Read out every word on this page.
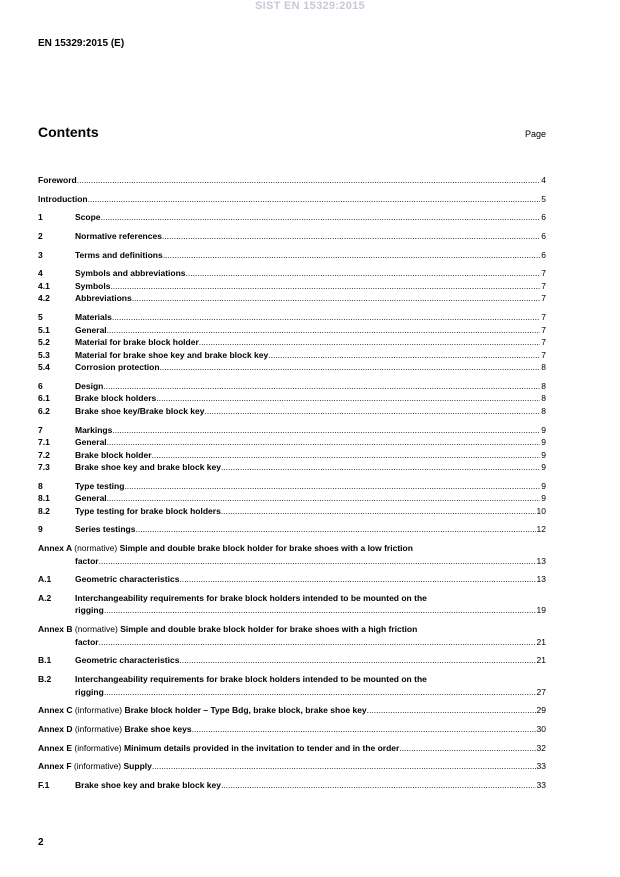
SIST EN 15329:2015
EN 15329:2015 (E)
Contents	Page
Foreword .....	4
Introduction .....	5
1	Scope .....	6
2	Normative references .....	6
3	Terms and definitions .....	6
4	Symbols and abbreviations .....	7
4.1	Symbols .....	7
4.2	Abbreviations .....	7
5	Materials .....	7
5.1	General .....	7
5.2	Material for brake block holder .....	7
5.3	Material for brake shoe key and brake block key .....	7
5.4	Corrosion protection .....	8
6	Design .....	8
6.1	Brake block holders .....	8
6.2	Brake shoe key/Brake block key .....	8
7	Markings .....	9
7.1	General .....	9
7.2	Brake block holder .....	9
7.3	Brake shoe key and brake block key .....	9
8	Type testing .....	9
8.1	General .....	9
8.2	Type testing for brake block holders .....	10
9	Series testings .....	12
Annex A (normative) Simple and double brake block holder for brake shoes with a low friction
factor .....	13
A.1	Geometric characteristics .....	13
A.2	Interchangeability requirements for brake block holders intended to be mounted on the
rigging .....	19
Annex B (normative) Simple and double brake block holder for brake shoes with a high friction
factor .....	21
B.1	Geometric characteristics .....	21
B.2	Interchangeability requirements for brake block holders intended to be mounted on the
rigging .....	27
Annex C (informative) Brake block holder – Type Bdg, brake block, brake shoe key .....	29
Annex D (informative) Brake shoe keys .....	30
Annex E (informative) Minimum details provided in the invitation to tender and in the order .....	32
Annex F (informative) Supply .....	33
F.1	Brake shoe key and brake block key .....	33
2
